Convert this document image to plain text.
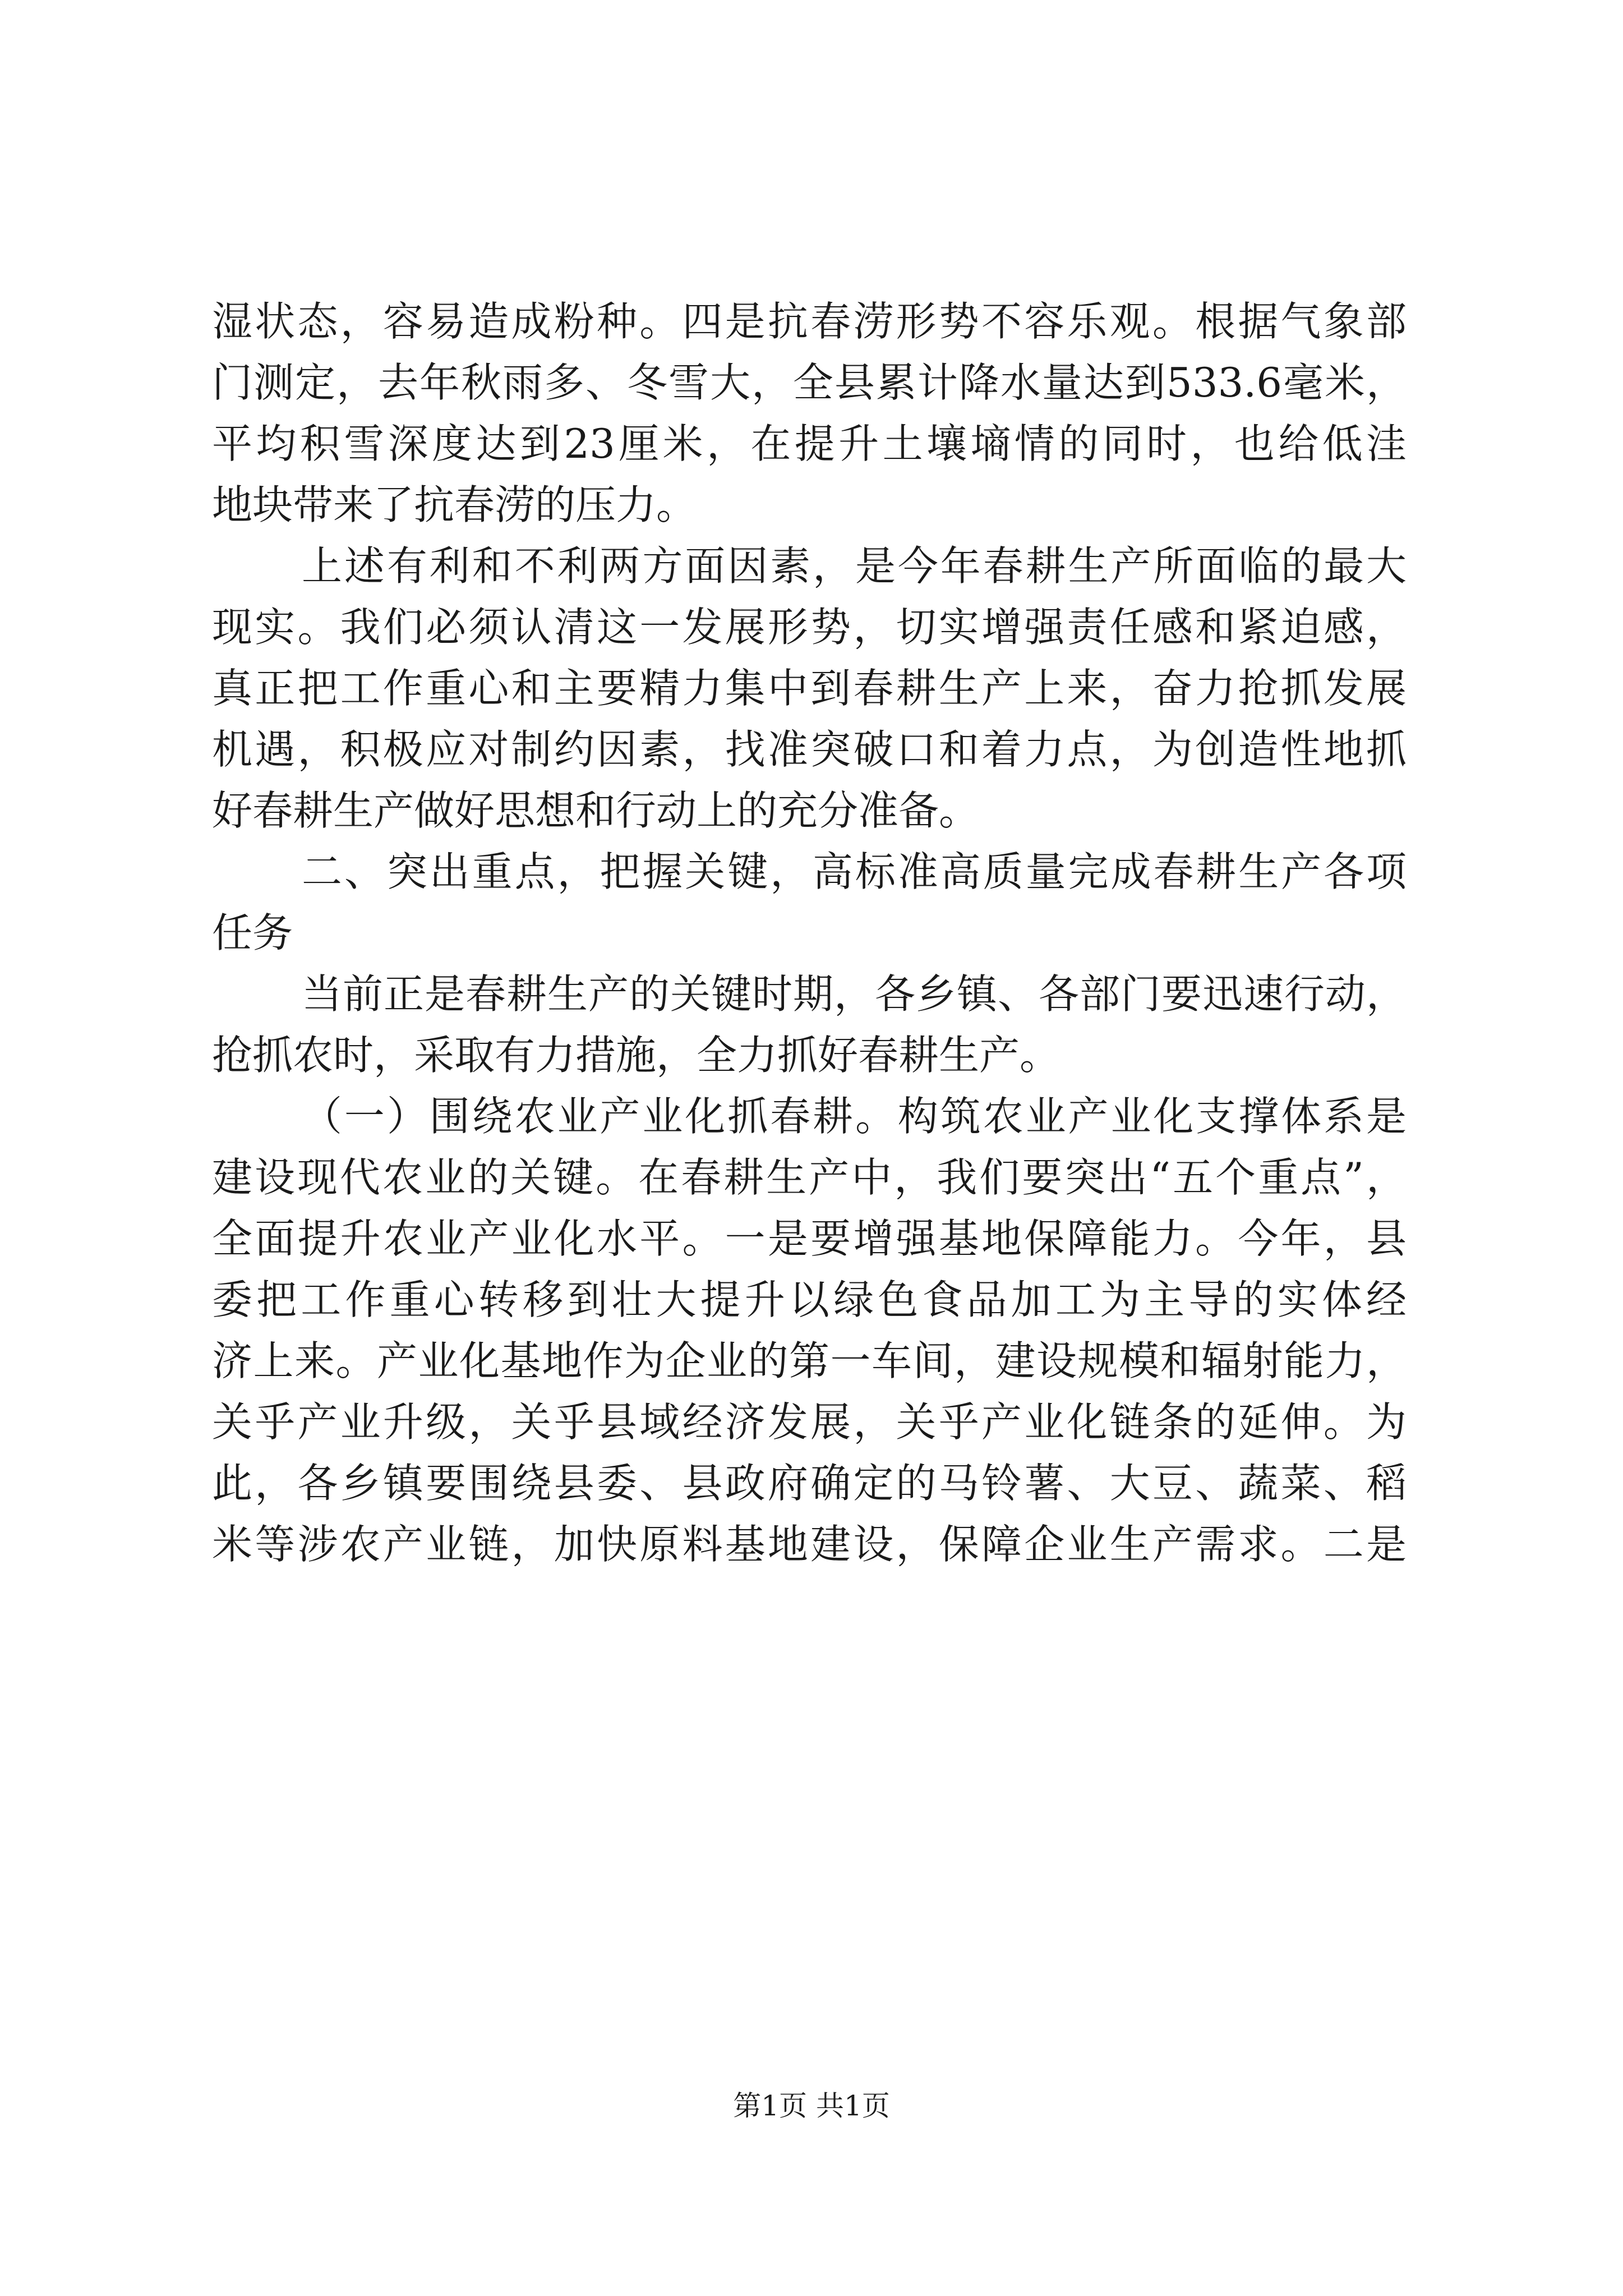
湿状态，容易造成粉种。四是抗春涝形势不容乐观。根据气象部

门测定，去年秋雨多、冬雪大，全县累计降水量达到533.6毫米，

平均积雪深度达到23厘米，在提升土壤墒情的同时，也给低洼

地块带来了抗春涝的压力。

上述有利和不利两方面因素，是今年春耕生产所面临的最大

现实。我们必须认清这一发展形势，切实增强责任感和紧迫感，

真正把工作重心和主要精力集中到春耕生产上来，奋力抢抓发展

机遇，积极应对制约因素，找准突破口和着力点，为创造性地抓

好春耕生产做好思想和行动上的充分准备。

二、突出重点，把握关键，高标准高质量完成春耕生产各项

任务

当前正是春耕生产的关键时期，各乡镇、各部门要迅速行动，

抢抓农时，采取有力措施，全力抓好春耕生产。

（一）围绕农业产业化抓春耕。构筑农业产业化支撑体系是

建设现代农业的关键。在春耕生产中，我们要突出“五个重点”，

全面提升农业产业化水平。一是要增强基地保障能力。今年，县

委把工作重心转移到壮大提升以绿色食品加工为主导的实体经

济上来。产业化基地作为企业的第一车间，建设规模和辐射能力，

关乎产业升级，关乎县域经济发展，关乎产业化链条的延伸。为

此，各乡镇要围绕县委、县政府确定的马铃薯、大豆、蔬菜、稻

米等涉农产业链，加快原料基地建设，保障企业生产需求。二是

第1页 共1页
